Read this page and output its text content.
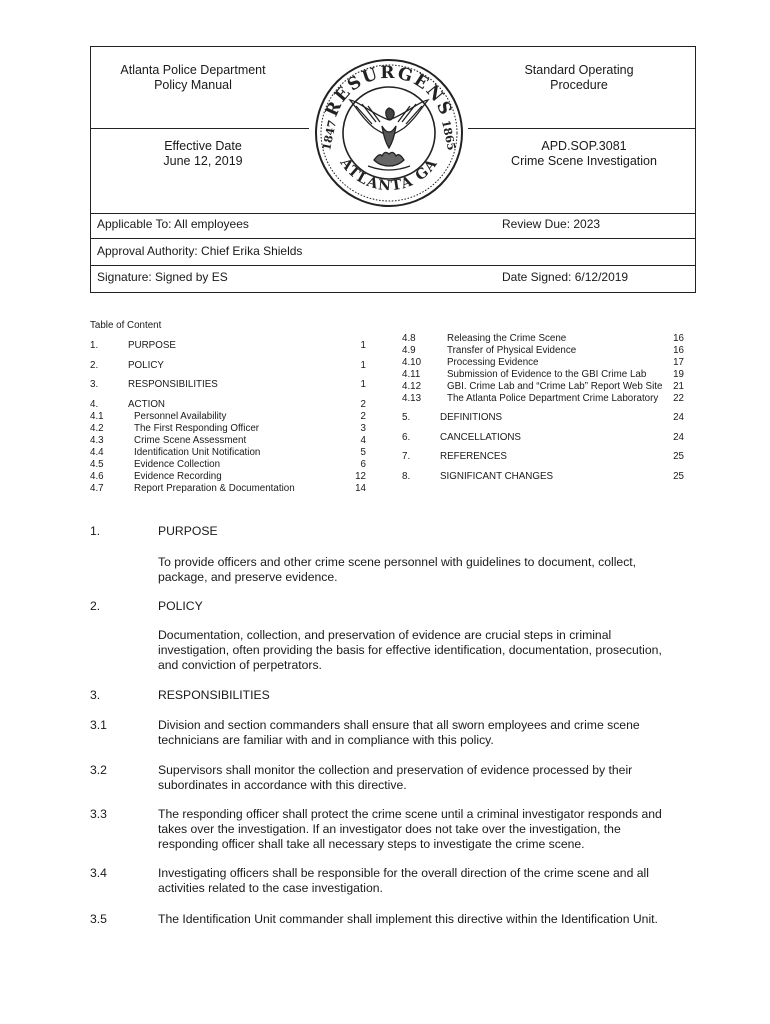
Atlanta Police Department
Policy Manual
Standard Operating
Procedure
Effective Date
June 12, 2019
APD.SOP.3081
Crime Scene Investigation
RESURGENS
ATLANTA GA
1847	1865
Applicable To: All employees	Review Due: 2023
Approval Authority: Chief Erika Shields
Signature: Signed by ES	Date Signed: 6/12/2019
Table of Content
1.	PURPOSE	1
2.	POLICY	1
3.	RESPONSIBILITIES	1
4.	ACTION	2
4.1	Personnel Availability	2
4.2	The First Responding Officer	3
4.3	Crime Scene Assessment	4
4.4	Identification Unit Notification	5
4.5	Evidence Collection	6
4.6	Evidence Recording	12
4.7	Report Preparation & Documentation	14
4.8	Releasing the Crime Scene	16
4.9	Transfer of Physical Evidence	16
4.10	Processing Evidence	17
4.11	Submission of Evidence to the GBI Crime Lab	19
4.12	GBI. Crime Lab and “Crime Lab” Report Web Site	21
4.13	The Atlanta Police Department Crime Laboratory	22
5.	DEFINITIONS	24
6.	CANCELLATIONS	24
7.	REFERENCES	25
8.	SIGNIFICANT CHANGES	25
1.	PURPOSE
To provide officers and other crime scene personnel with guidelines to document, collect,
package, and preserve evidence.
2.	POLICY
Documentation, collection, and preservation of evidence are crucial steps in criminal
investigation, often providing the basis for effective identification, documentation, prosecution,
and conviction of perpetrators.
3.	RESPONSIBILITIES
3.1	Division and section commanders shall ensure that all sworn employees and crime scene
technicians are familiar with and in compliance with this policy.
3.2	Supervisors shall monitor the collection and preservation of evidence processed by their
subordinates in accordance with this directive.
3.3	The responding officer shall protect the crime scene until a criminal investigator responds and
takes over the investigation. If an investigator does not take over the investigation, the
responding officer shall take all necessary steps to investigate the crime scene.
3.4	Investigating officers shall be responsible for the overall direction of the crime scene and all
activities related to the case investigation.
3.5	The Identification Unit commander shall implement this directive within the Identification Unit.
